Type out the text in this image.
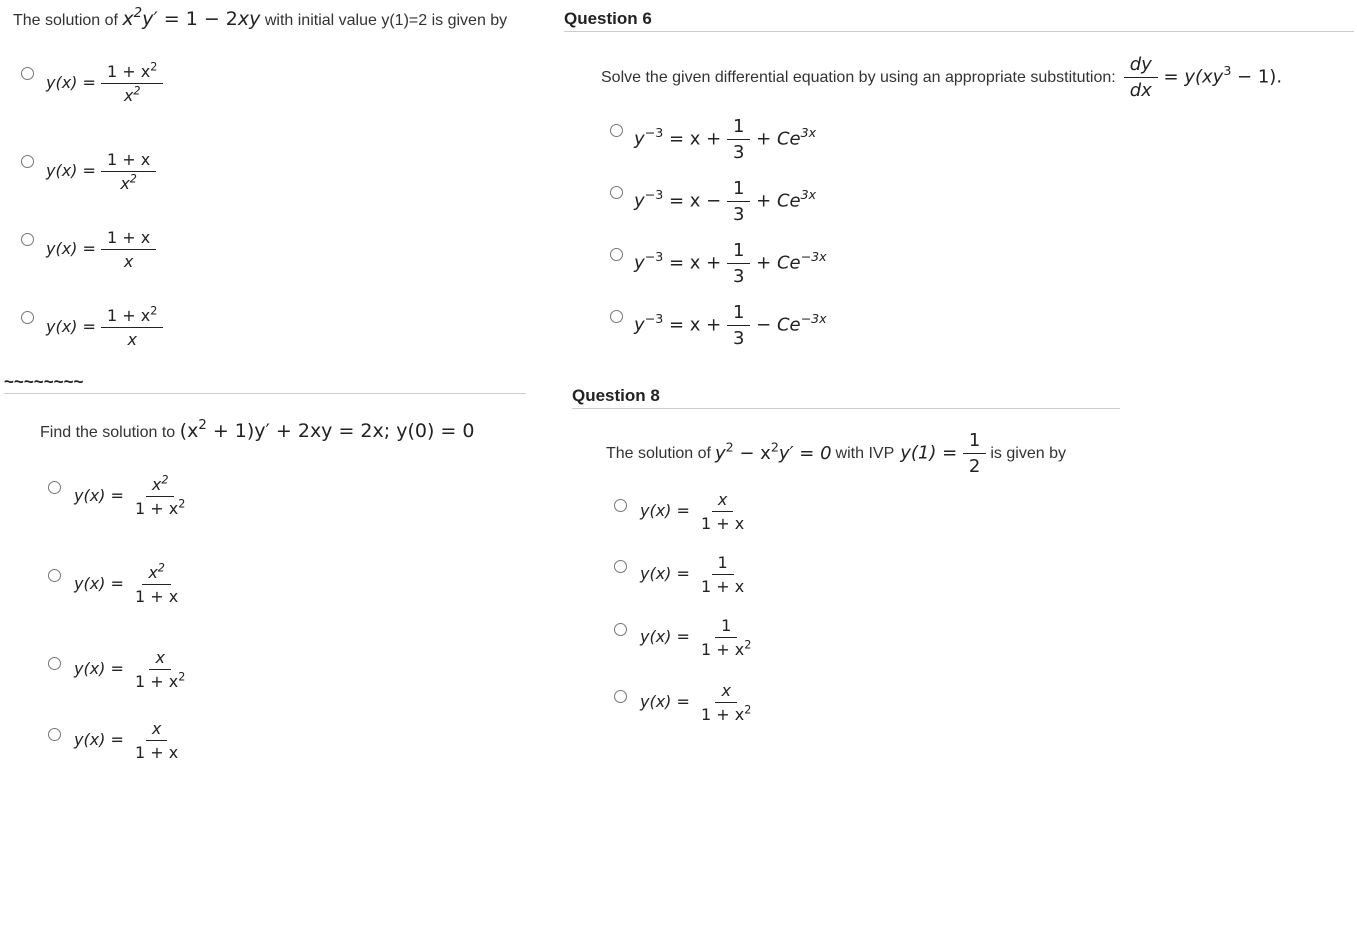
The solution of $x^2y' = 1 - 2xy$ with initial value y(1)=2 is given by
$y(x) = \frac{1 + x^2}{x^2}$
$y(x) = \frac{1 + x}{x^2}$
$y(x) = \frac{1 + x}{x}$
$y(x) = \frac{1 + x^2}{x}$
~~~~~~~~
Question 6
Solve the given differential equation by using an appropriate substitution: $\frac{dy}{dx} = y(xy^3 - 1)$.
$y^{-3} = x + \frac{1}{3} + Ce^{3x}$
$y^{-3} = x - \frac{1}{3} + Ce^{3x}$
$y^{-3} = x + \frac{1}{3} + Ce^{-3x}$
$y^{-3} = x + \frac{1}{3} - Ce^{-3x}$
Find the solution to $(x^2 + 1)y' + 2xy = 2x$; y(0) = 0
$y(x) = \frac{x^2}{1 + x^2}$
$y(x) = \frac{x^2}{1 + x}$
$y(x) = \frac{x}{1 + x^2}$
$y(x) = \frac{x}{1 + x}$
Question 8
The solution of $y^2 - x^2y' = 0$ with IVP $y(1) = \frac{1}{2}$ is given by
$y(x) = \frac{x}{1 + x}$
$y(x) = \frac{1}{1 + x}$
$y(x) = \frac{1}{1 + x^2}$
$y(x) = \frac{x}{1 + x^2}$
